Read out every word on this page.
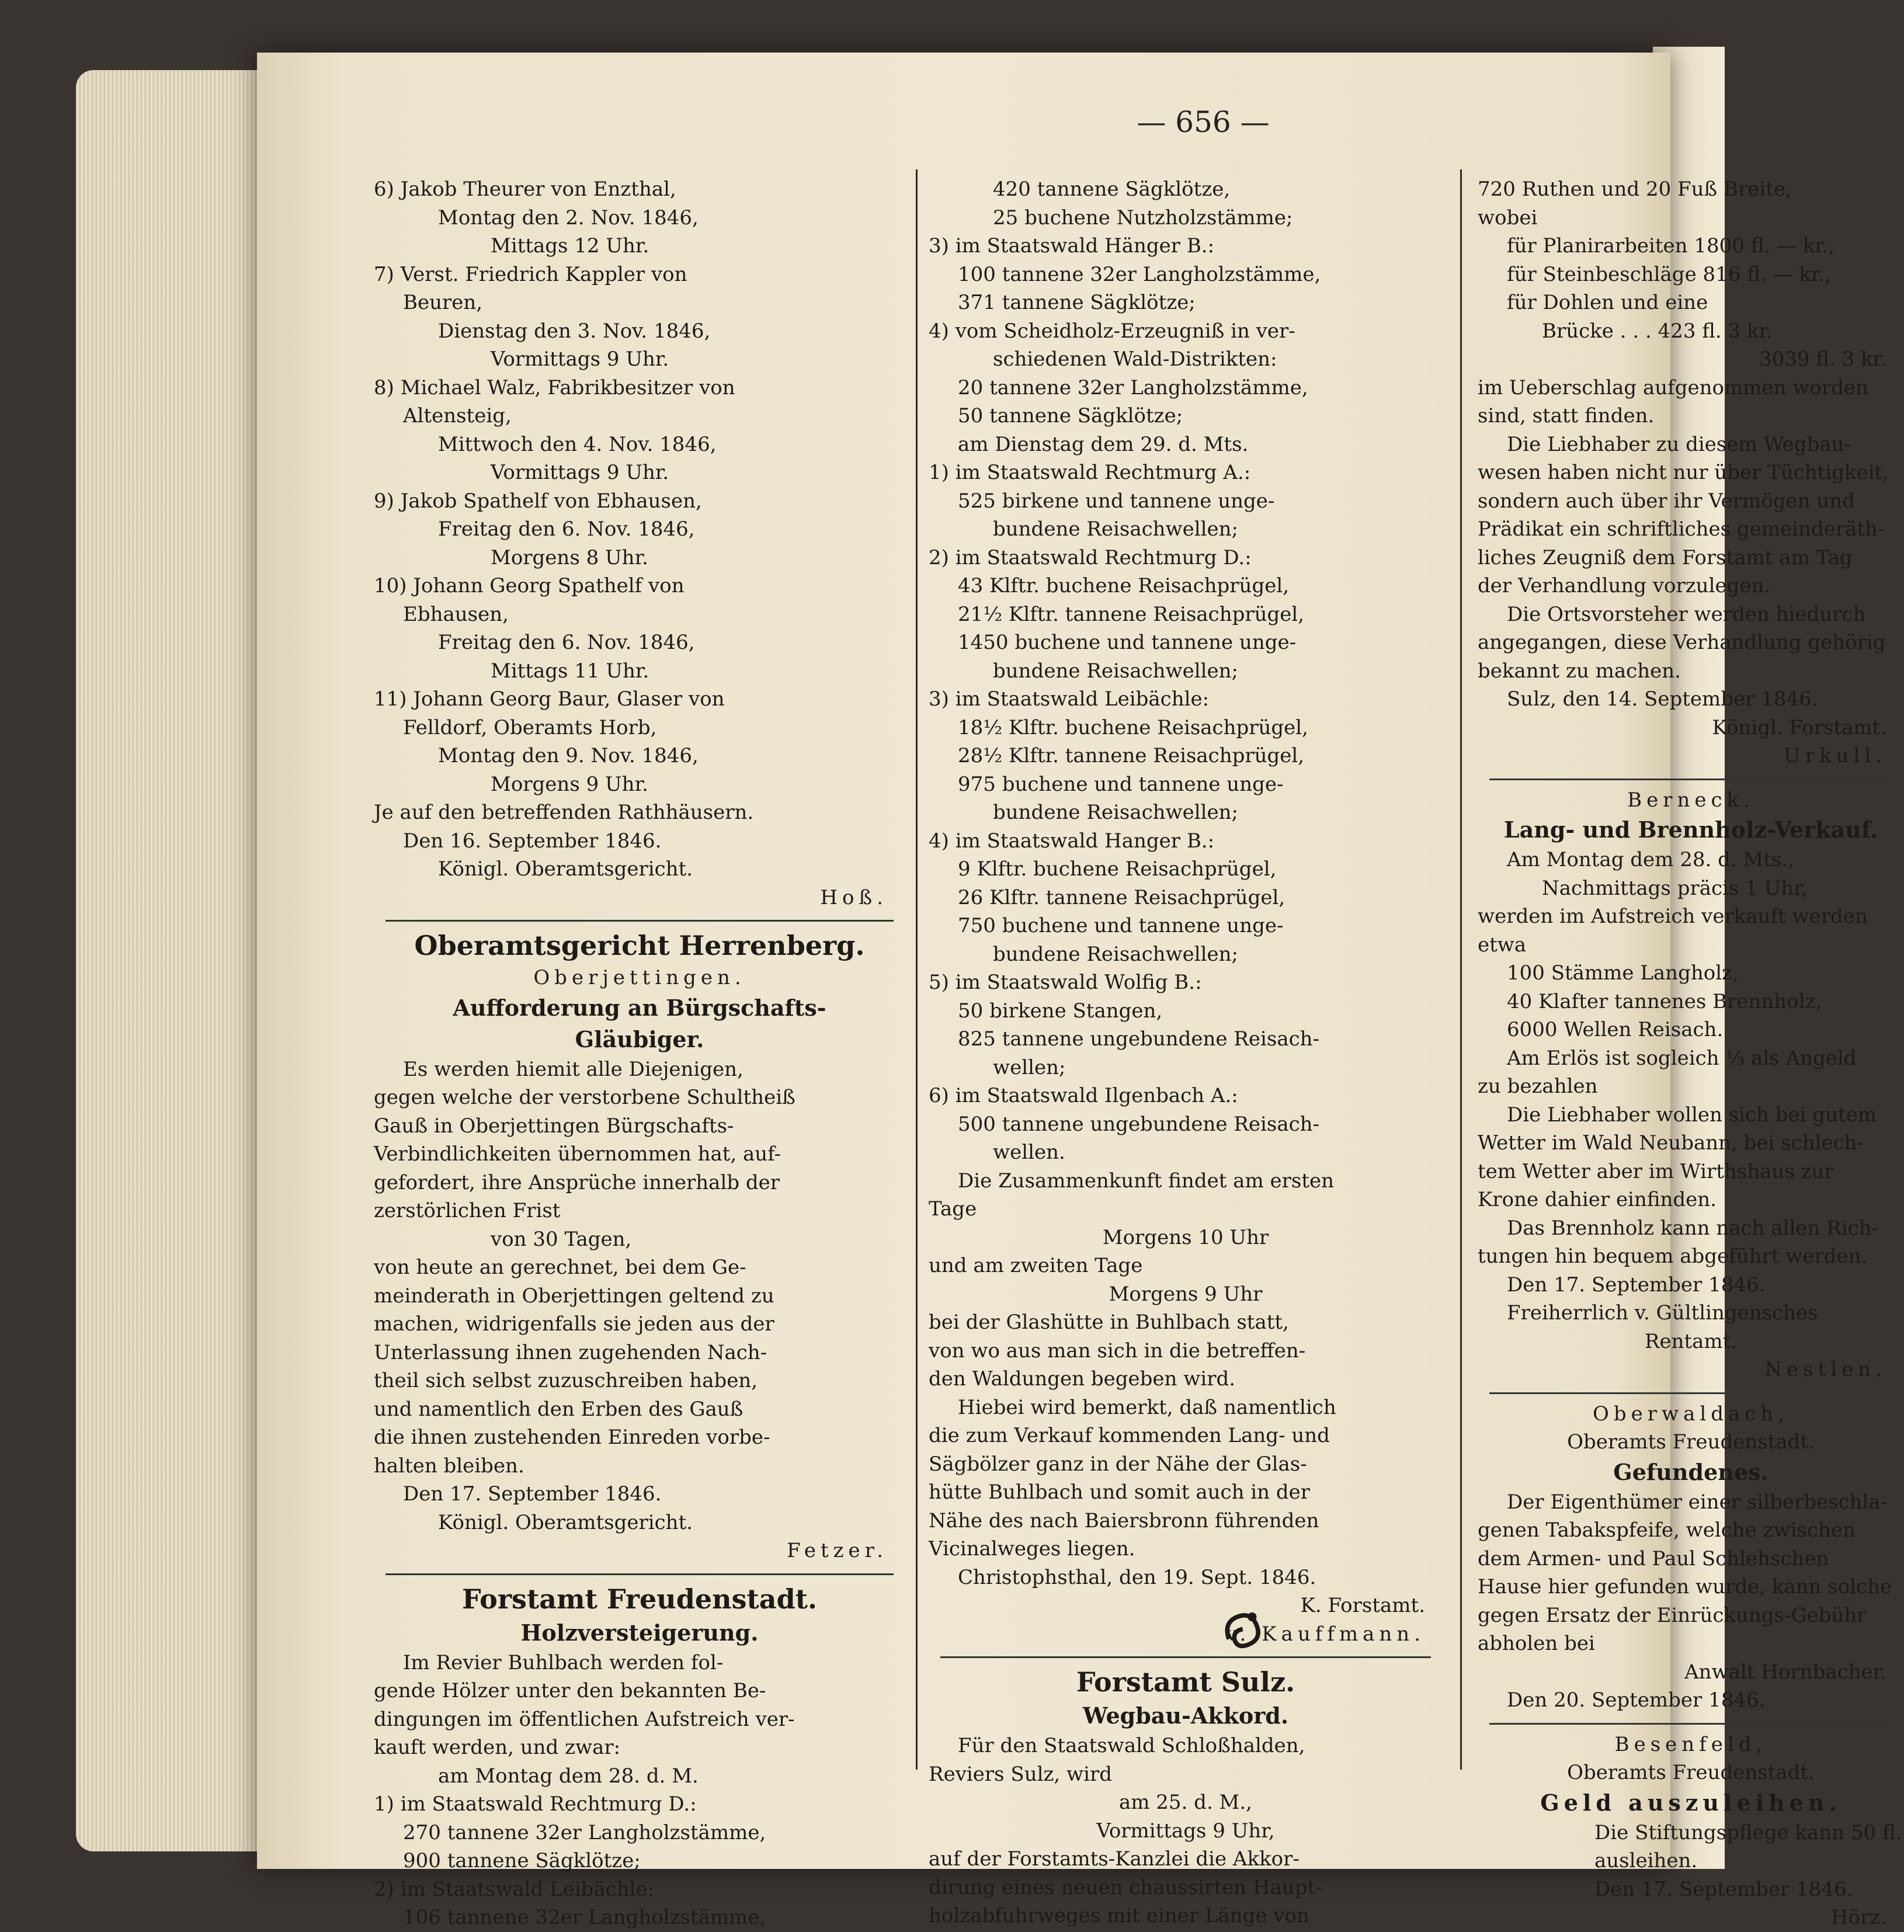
— 656 —
6) Jakob Theurer von Enzthal,
Montag den 2. Nov. 1846,
Mittags 12 Uhr.
7) Verst. Friedrich Kappler von
Beuren,
Dienstag den 3. Nov. 1846,
Vormittags 9 Uhr.
8) Michael Walz, Fabrikbesitzer von
Altensteig,
Mittwoch den 4. Nov. 1846,
Vormittags 9 Uhr.
9) Jakob Spathelf von Ebhausen,
Freitag den 6. Nov. 1846,
Morgens 8 Uhr.
10) Johann Georg Spathelf von
Ebhausen,
Freitag den 6. Nov. 1846,
Mittags 11 Uhr.
11) Johann Georg Baur, Glaser von
Felldorf, Oberamts Horb,
Montag den 9. Nov. 1846,
Morgens 9 Uhr.
Je auf den betreffenden Rathhäusern.
Den 16. September 1846.
Königl. Oberamtsgericht.
Hoß.
Oberamtsgericht Herrenberg.
Oberjettingen.
Aufforderung an Bürgschafts-
Gläubiger.
Es werden hiemit alle Diejenigen,
gegen welche der verstorbene Schultheiß
Gauß in Oberjettingen Bürgschafts-
Verbindlichkeiten übernommen hat, auf-
gefordert, ihre Ansprüche innerhalb der
zerstörlichen Frist
von 30 Tagen,
von heute an gerechnet, bei dem Ge-
meinderath in Oberjettingen geltend zu
machen, widrigenfalls sie jeden aus der
Unterlassung ihnen zugehenden Nach-
theil sich selbst zuzuschreiben haben,
und namentlich den Erben des Gauß
die ihnen zustehenden Einreden vorbe-
halten bleiben.
Den 17. September 1846.
Königl. Oberamtsgericht.
Fetzer.
Forstamt Freudenstadt.
Holzversteigerung.
Im Revier Buhlbach werden fol-
gende Hölzer unter den bekannten Be-
dingungen im öffentlichen Aufstreich ver-
kauft werden, und zwar:
am Montag dem 28. d. M.
1) im Staatswald Rechtmurg D.:
270 tannene 32er Langholzstämme,
900 tannene Sägklötze;
2) im Staatswald Leibächle:
106 tannene 32er Langholzstämme,
420 tannene Sägklötze,
25 buchene Nutzholzstämme;
3) im Staatswald Hänger B.:
100 tannene 32er Langholzstämme,
371 tannene Sägklötze;
4) vom Scheidholz-Erzeugniß in ver-
schiedenen Wald-Distrikten:
20 tannene 32er Langholzstämme,
50 tannene Sägklötze;
am Dienstag dem 29. d. Mts.
1) im Staatswald Rechtmurg A.:
525 birkene und tannene unge-
bundene Reisachwellen;
2) im Staatswald Rechtmurg D.:
43 Klftr. buchene Reisachprügel,
21½ Klftr. tannene Reisachprügel,
1450 buchene und tannene unge-
bundene Reisachwellen;
3) im Staatswald Leibächle:
18½ Klftr. buchene Reisachprügel,
28½ Klftr. tannene Reisachprügel,
975 buchene und tannene unge-
bundene Reisachwellen;
4) im Staatswald Hanger B.:
9 Klftr. buchene Reisachprügel,
26 Klftr. tannene Reisachprügel,
750 buchene und tannene unge-
bundene Reisachwellen;
5) im Staatswald Wolfig B.:
50 birkene Stangen,
825 tannene ungebundene Reisach-
wellen;
6) im Staatswald Ilgenbach A.:
500 tannene ungebundene Reisach-
wellen.
Die Zusammenkunft findet am ersten
Tage
Morgens 10 Uhr
und am zweiten Tage
Morgens 9 Uhr
bei der Glashütte in Buhlbach statt,
von wo aus man sich in die betreffen-
den Waldungen begeben wird.
Hiebei wird bemerkt, daß namentlich
die zum Verkauf kommenden Lang- und
Sägbölzer ganz in der Nähe der Glas-
hütte Buhlbach und somit auch in der
Nähe des nach Baiersbronn führenden
Vicinalweges liegen.
Christophsthal, den 19. Sept. 1846.
K. Forstamt.
v. Kauffmann.
Forstamt Sulz.
Wegbau-Akkord.
Für den Staatswald Schloßhalden,
Reviers Sulz, wird
am 25. d. M.,
Vormittags 9 Uhr,
auf der Forstamts-Kanzlei die Akkor-
dirung eines neuen chaussirten Haupt-
holzabfuhrweges mit einer Länge von
720 Ruthen und 20 Fuß Breite,
wobei
für Planirarbeiten 1800 fl. — kr.,
für Steinbeschläge 816 fl. — kr.,
für Dohlen und eine
Brücke . . . 423 fl. 3 kr.
3039 fl. 3 kr.
im Ueberschlag aufgenommen worden
sind, statt finden.
Die Liebhaber zu diesem Wegbau-
wesen haben nicht nur über Tüchtigkeit,
sondern auch über ihr Vermögen und
Prädikat ein schriftliches gemeinderäth-
liches Zeugniß dem Forstamt am Tag
der Verhandlung vorzulegen.
Die Ortsvorsteher werden hiedurch
angegangen, diese Verhandlung gehörig
bekannt zu machen.
Sulz, den 14. September 1846.
Königl. Forstamt.
Urkull.
Berneck.
Lang- und Brennholz-Verkauf.
Am Montag dem 28. d. Mts.,
Nachmittags präcis 1 Uhr,
werden im Aufstreich verkauft werden
etwa
100 Stämme Langholz,
40 Klafter tannenes Brennholz,
6000 Wellen Reisach.
Am Erlös ist sogleich ⅓ als Angeld
zu bezahlen
Die Liebhaber wollen sich bei gutem
Wetter im Wald Neubann, bei schlech-
tem Wetter aber im Wirthshaus zur
Krone dahier einfinden.
Das Brennholz kann nach allen Rich-
tungen hin bequem abgeführt werden.
Den 17. September 1846.
Freiherrlich v. Gültlingensches
Rentamt.
Nestlen.
Oberwaldach,
Oberamts Freudenstadt.
Gefundenes.
Der Eigenthümer einer silberbeschla-
genen Tabakspfeife, welche zwischen
dem Armen- und Paul Schlehschen
Hause hier gefunden wurde, kann solche
gegen Ersatz der Einrückungs-Gebühr
abholen bei
Anwalt Hornbacher.
Den 20. September 1846.
Besenfeld,
Oberamts Freudenstadt.
Geld auszuleihen.
Die Stiftungspflege kann 50 fl.
ausleihen.
Den 17. September 1846.
Hörz.
